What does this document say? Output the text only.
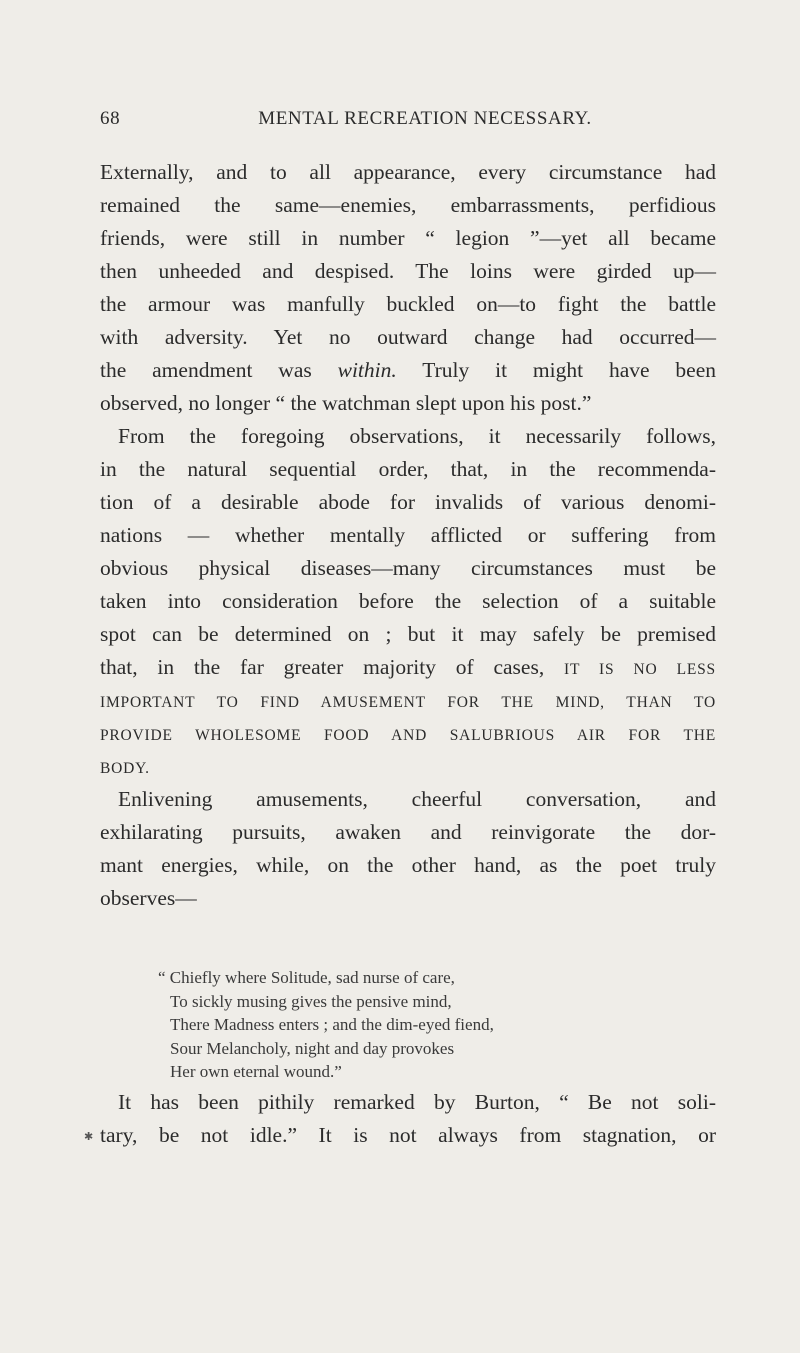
68	MENTAL RECREATION NECESSARY.
Externally, and to all appearance, every circumstance had
remained the same—enemies, embarrassments, perfidious
friends, were still in number “ legion ”—yet all became
then unheeded and despised. The loins were girded up—
the armour was manfully buckled on—to fight the battle
with adversity. Yet no outward change had occurred—
the amendment was within. Truly it might have been
observed, no longer “ the watchman slept upon his post.”
From the foregoing observations, it necessarily follows,
in the natural sequential order, that, in the recommenda-
tion of a desirable abode for invalids of various denomi-
nations — whether mentally afflicted or suffering from
obvious physical diseases—many circumstances must be
taken into consideration before the selection of a suitable
spot can be determined on ; but it may safely be premised
that, in the far greater majority of cases, IT IS NO LESS
IMPORTANT TO FIND AMUSEMENT FOR THE MIND, THAN TO
PROVIDE WHOLESOME FOOD AND SALUBRIOUS AIR FOR THE
BODY.
Enlivening amusements, cheerful conversation, and
exhilarating pursuits, awaken and reinvigorate the dor-
mant energies, while, on the other hand, as the poet truly
observes—
“ Chiefly where Solitude, sad nurse of care,
To sickly musing gives the pensive mind,
There Madness enters ; and the dim-eyed fiend,
Sour Melancholy, night and day provokes
Her own eternal wound.”
It has been pithily remarked by Burton, “ Be not soli-
tary, be not idle.” It is not always from stagnation, or
✱
